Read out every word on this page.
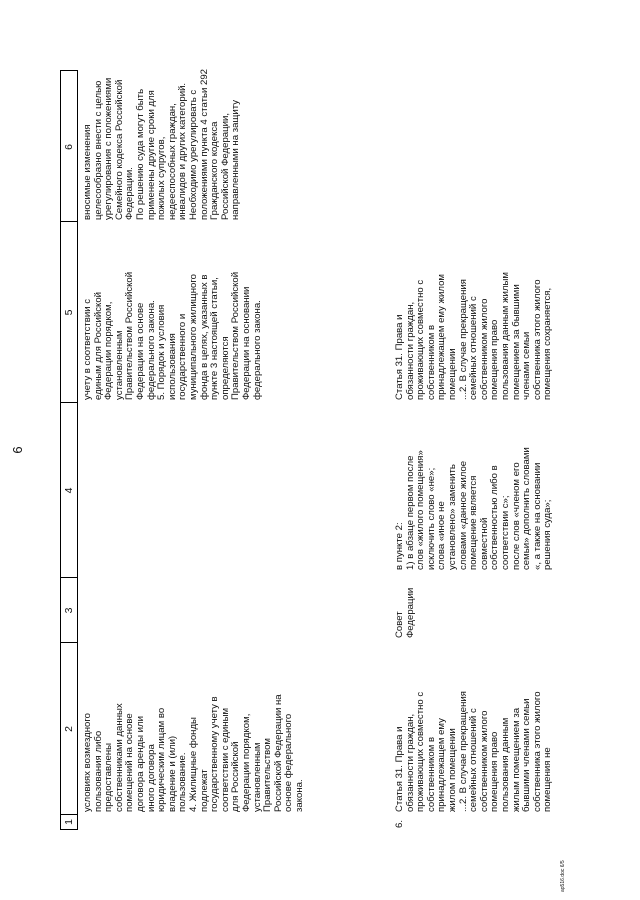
6
1
2
3
4
5
6
условиях возмездного
пользования либо
предоставлены
собственниками данных
помещений на основе
договора аренды или
иного договора
юридическим лицам во
владение и (или)
пользование.
4. Жилищные фонды
подлежат
государственному учету в
соответствии с единым
для Российской
Федерации порядком,
установленным
Правительством
Российской Федерации на
основе федерального
закона.
учету в соответствии с
единым для Российской
Федерации порядком,
установленным
Правительством Российской
Федерации на основе
федерального закона.
5. Порядок и условия
использования
государственного и
муниципального жилищного
фонда в целях, указанных в
пункте 3 настоящей статьи,
определяются
Правительством Российской
Федерации на основании
федерального закона.
вносимые изменения
целесообразно внести с целью
урегулирования с положениями
Семейного кодекса Российской
Федерации.
По решению суда могут быть
применены другие сроки для
пожилых супругов,
недееспособных граждан,
инвалидов и других категорий.
Необходимо урегулировать с
положениями пункта 4 статьи 292
Гражданского кодекса
Российской Федерации,
направленными на защиту
6.
Статья 31. Права и
обязанности граждан,
проживающих совместно с
собственником в
принадлежащем ему
жилом помещении
...2. В случае прекращения
семейных отношений с
собственником жилого
помещения право
пользования данным
жилым помещением за
бывшими членами семьи
собственника этого жилого
помещения не
Совет
Федерации
в пункте 2:
1) в абзаце первом после
слов «жилого помещения»
исключить слово «не»;
слова «иное не
установлено» заменить
словами «данное жилое
помещение является
совместной
собственностью либо в
соответствии с»;
после слов «членом его
семьи» дополнить словами
«, а также на основании
решения суда»;
Статья 31. Права и
обязанности граждан,
проживающих совместно с
собственником в
принадлежащем ему жилом
помещении
...2. В случае прекращения
семейных отношений с
собственником жилого
помещения право
пользования данным жилым
помещением за бывшими
членами семьи
собственника этого жилого
помещения сохраняется,
ар516.doc 6/5
